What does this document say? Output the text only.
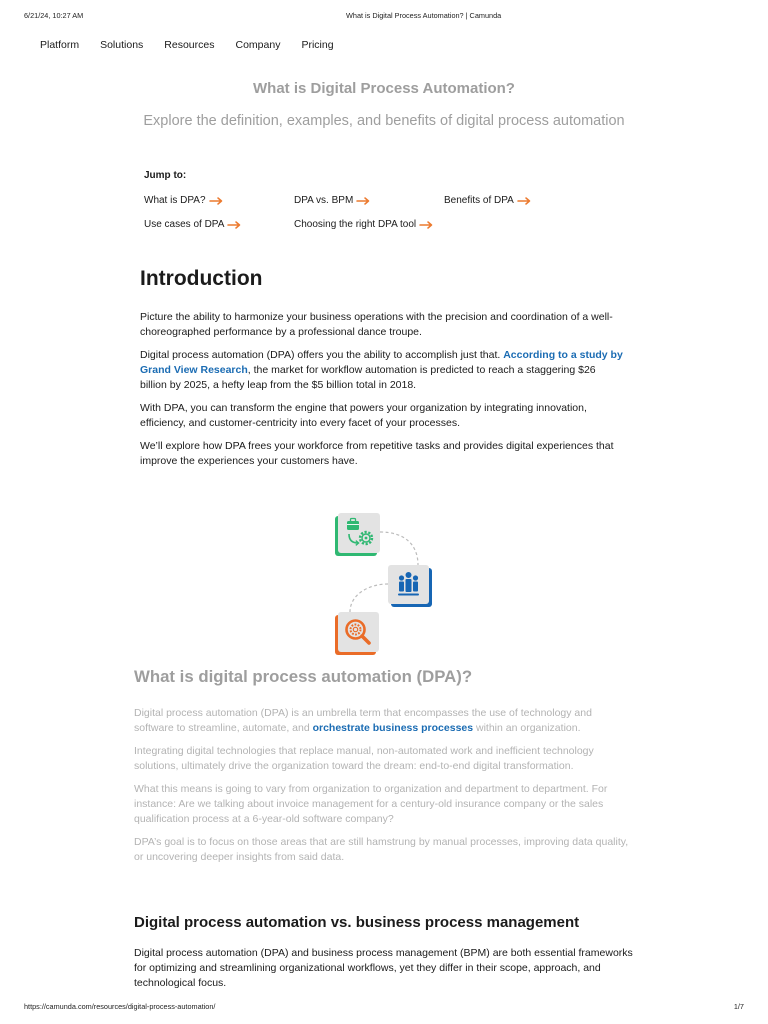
6/21/24, 10:27 AM	What is Digital Process Automation? | Camunda
Platform Solutions Resources Company Pricing
What is Digital Process Automation?

Explore the definition, examples, and benefits of digital process automation

Jump to:
What is DPA?	DPA vs. BPM	Benefits of DPA
Use cases of DPA	Choosing the right DPA tool
Introduction
Picture the ability to harmonize your business operations with the precision and coordination of a well-
choreographed performance by a professional dance troupe.
Digital process automation (DPA) offers you the ability to accomplish just that. According to a study by
Grand View Research, the market for workflow automation is predicted to reach a staggering $26
billion by 2025, a hefty leap from the $5 billion total in 2018.
With DPA, you can transform the engine that powers your organization by integrating innovation,
efficiency, and customer-centricity into every facet of your processes.
We’ll explore how DPA frees your workforce from repetitive tasks and provides digital experiences that
improve the experiences your customers have.
What is digital process automation (DPA)?
Digital process automation (DPA) is an umbrella term that encompasses the use of technology and
software to streamline, automate, and orchestrate business processes within an organization.
Integrating digital technologies that replace manual, non-automated work and inefficient technology
solutions, ultimately drive the organization toward the dream: end-to-end digital transformation.
What this means is going to vary from organization to organization and department to department. For
instance: Are we talking about invoice management for a century-old insurance company or the sales
qualification process at a 6-year-old software company?
DPA’s goal is to focus on those areas that are still hamstrung by manual processes, improving data quality,
or uncovering deeper insights from said data.
Digital process automation vs. business process management
Digital process automation (DPA) and business process management (BPM) are both essential frameworks
for optimizing and streamlining organizational workflows, yet they differ in their scope, approach, and
technological focus.
https://camunda.com/resources/digital-process-automation/	1/7
